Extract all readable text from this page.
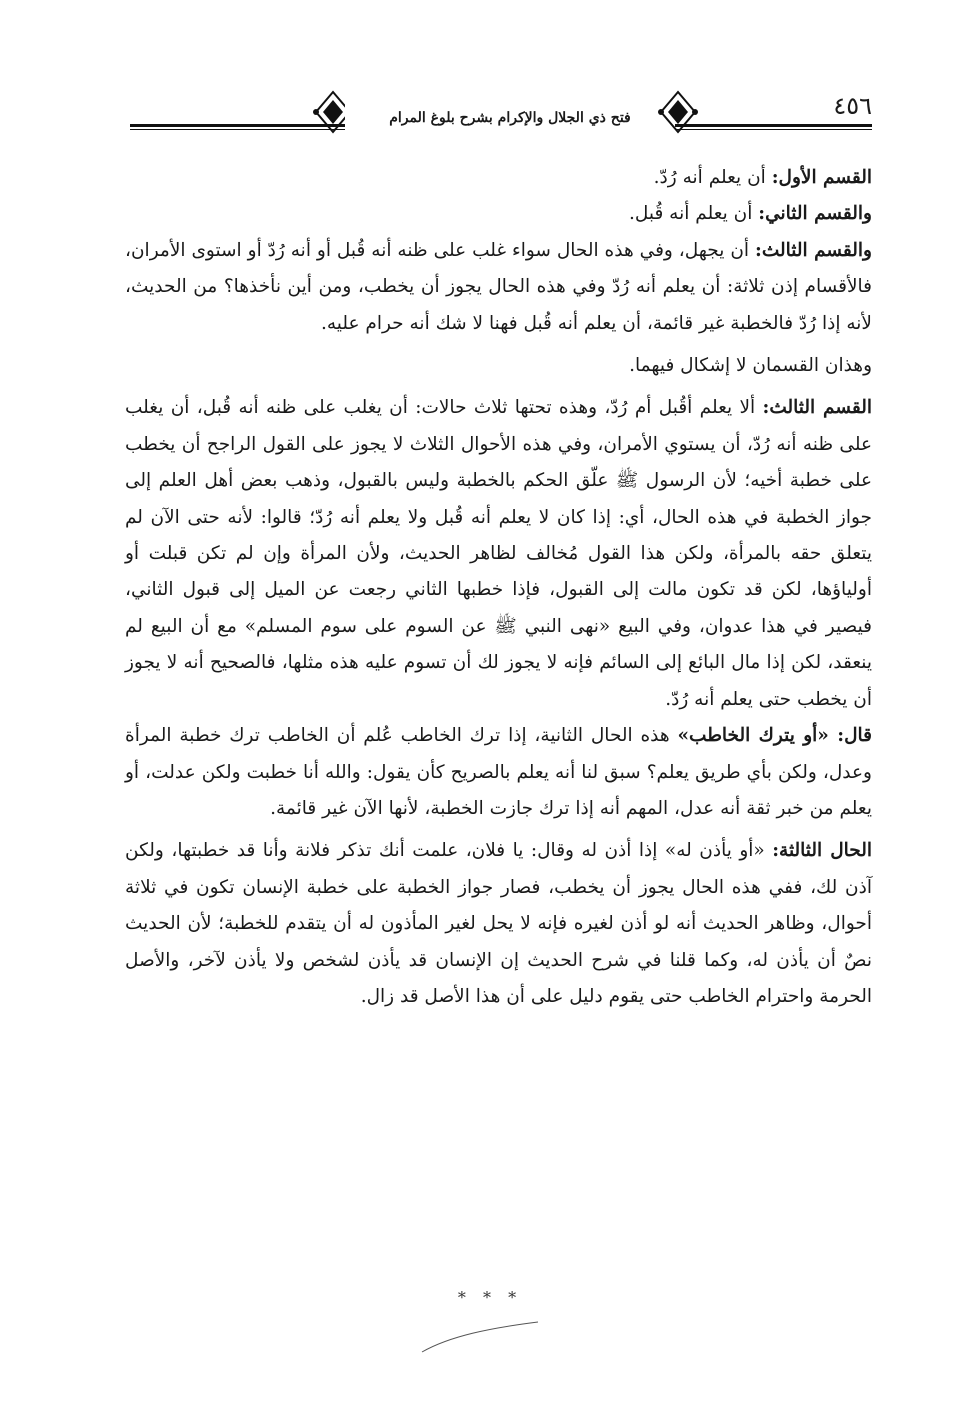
فتح ذي الجلال والإكرام بشرح بلوغ المرام	٤٥٦

القسم الأول: أن يعلم أنه رُدّ.

والقسم الثاني: أن يعلم أنه قُبل.

والقسم الثالث: أن يجهل، وفي هذه الحال سواء غلب على ظنه أنه قُبل أو أنه رُدّ أو استوى الأمران، فالأقسام إذن ثلاثة: أن يعلم أنه رُدّ وفي هذه الحال يجوز أن يخطب، ومن أين نأخذها؟ من الحديث، لأنه إذا رُدّ فالخطبة غير قائمة، أن يعلم أنه قُبل فهنا لا شك أنه حرام عليه.

وهذان القسمان لا إشكال فيهما.

القسم الثالث: ألا يعلم أقُبل أم رُدّ، وهذه تحتها ثلاث حالات: أن يغلب على ظنه أنه قُبل، أن يغلب على ظنه أنه رُدّ، أن يستوي الأمران، وفي هذه الأحوال الثلاث لا يجوز على القول الراجح أن يخطب على خطبة أخيه؛ لأن الرسول ﷺ علّق الحكم بالخطبة وليس بالقبول، وذهب بعض أهل العلم إلى جواز الخطبة في هذه الحال، أي: إذا كان لا يعلم أنه قُبل ولا يعلم أنه رُدّ؛ قالوا: لأنه حتى الآن لم يتعلق حقه بالمرأة، ولكن هذا القول مُخالف لظاهر الحديث، ولأن المرأة وإن لم تكن قبلت أو أولياؤها، لكن قد تكون مالت إلى القبول، فإذا خطبها الثاني رجعت عن الميل إلى قبول الثاني، فيصير في هذا عدوان، وفي البيع «نهى النبي ﷺ عن السوم على سوم المسلم» مع أن البيع لم ينعقد، لكن إذا مال البائع إلى السائم فإنه لا يجوز لك أن تسوم عليه هذه مثلها، فالصحيح أنه لا يجوز أن يخطب حتى يعلم أنه رُدّ.

قال: «أو يترك الخاطب» هذه الحال الثانية، إذا ترك الخاطب عُلم أن الخاطب ترك خطبة المرأة وعدل، ولكن بأي طريق يعلم؟ سبق لنا أنه يعلم بالصريح كأن يقول: والله أنا خطبت ولكن عدلت، أو يعلم من خبر ثقة أنه عدل، المهم أنه إذا ترك جازت الخطبة، لأنها الآن غير قائمة.

الحال الثالثة: «أو يأذن له» إذا أذن له وقال: يا فلان، علمت أنك تذكر فلانة وأنا قد خطبتها، ولكن آذن لك، ففي هذه الحال يجوز أن يخطب، فصار جواز الخطبة على خطبة الإنسان تكون في ثلاثة أحوال، وظاهر الحديث أنه لو أذن لغيره فإنه لا يحل لغير المأذون له أن يتقدم للخطبة؛ لأن الحديث نصٌ أن يأذن له، وكما قلنا في شرح الحديث إن الإنسان قد يأذن لشخص ولا يأذن لآخر، والأصل الحرمة واحترام الخاطب حتى يقوم دليل على أن هذا الأصل قد زال.

* * *
